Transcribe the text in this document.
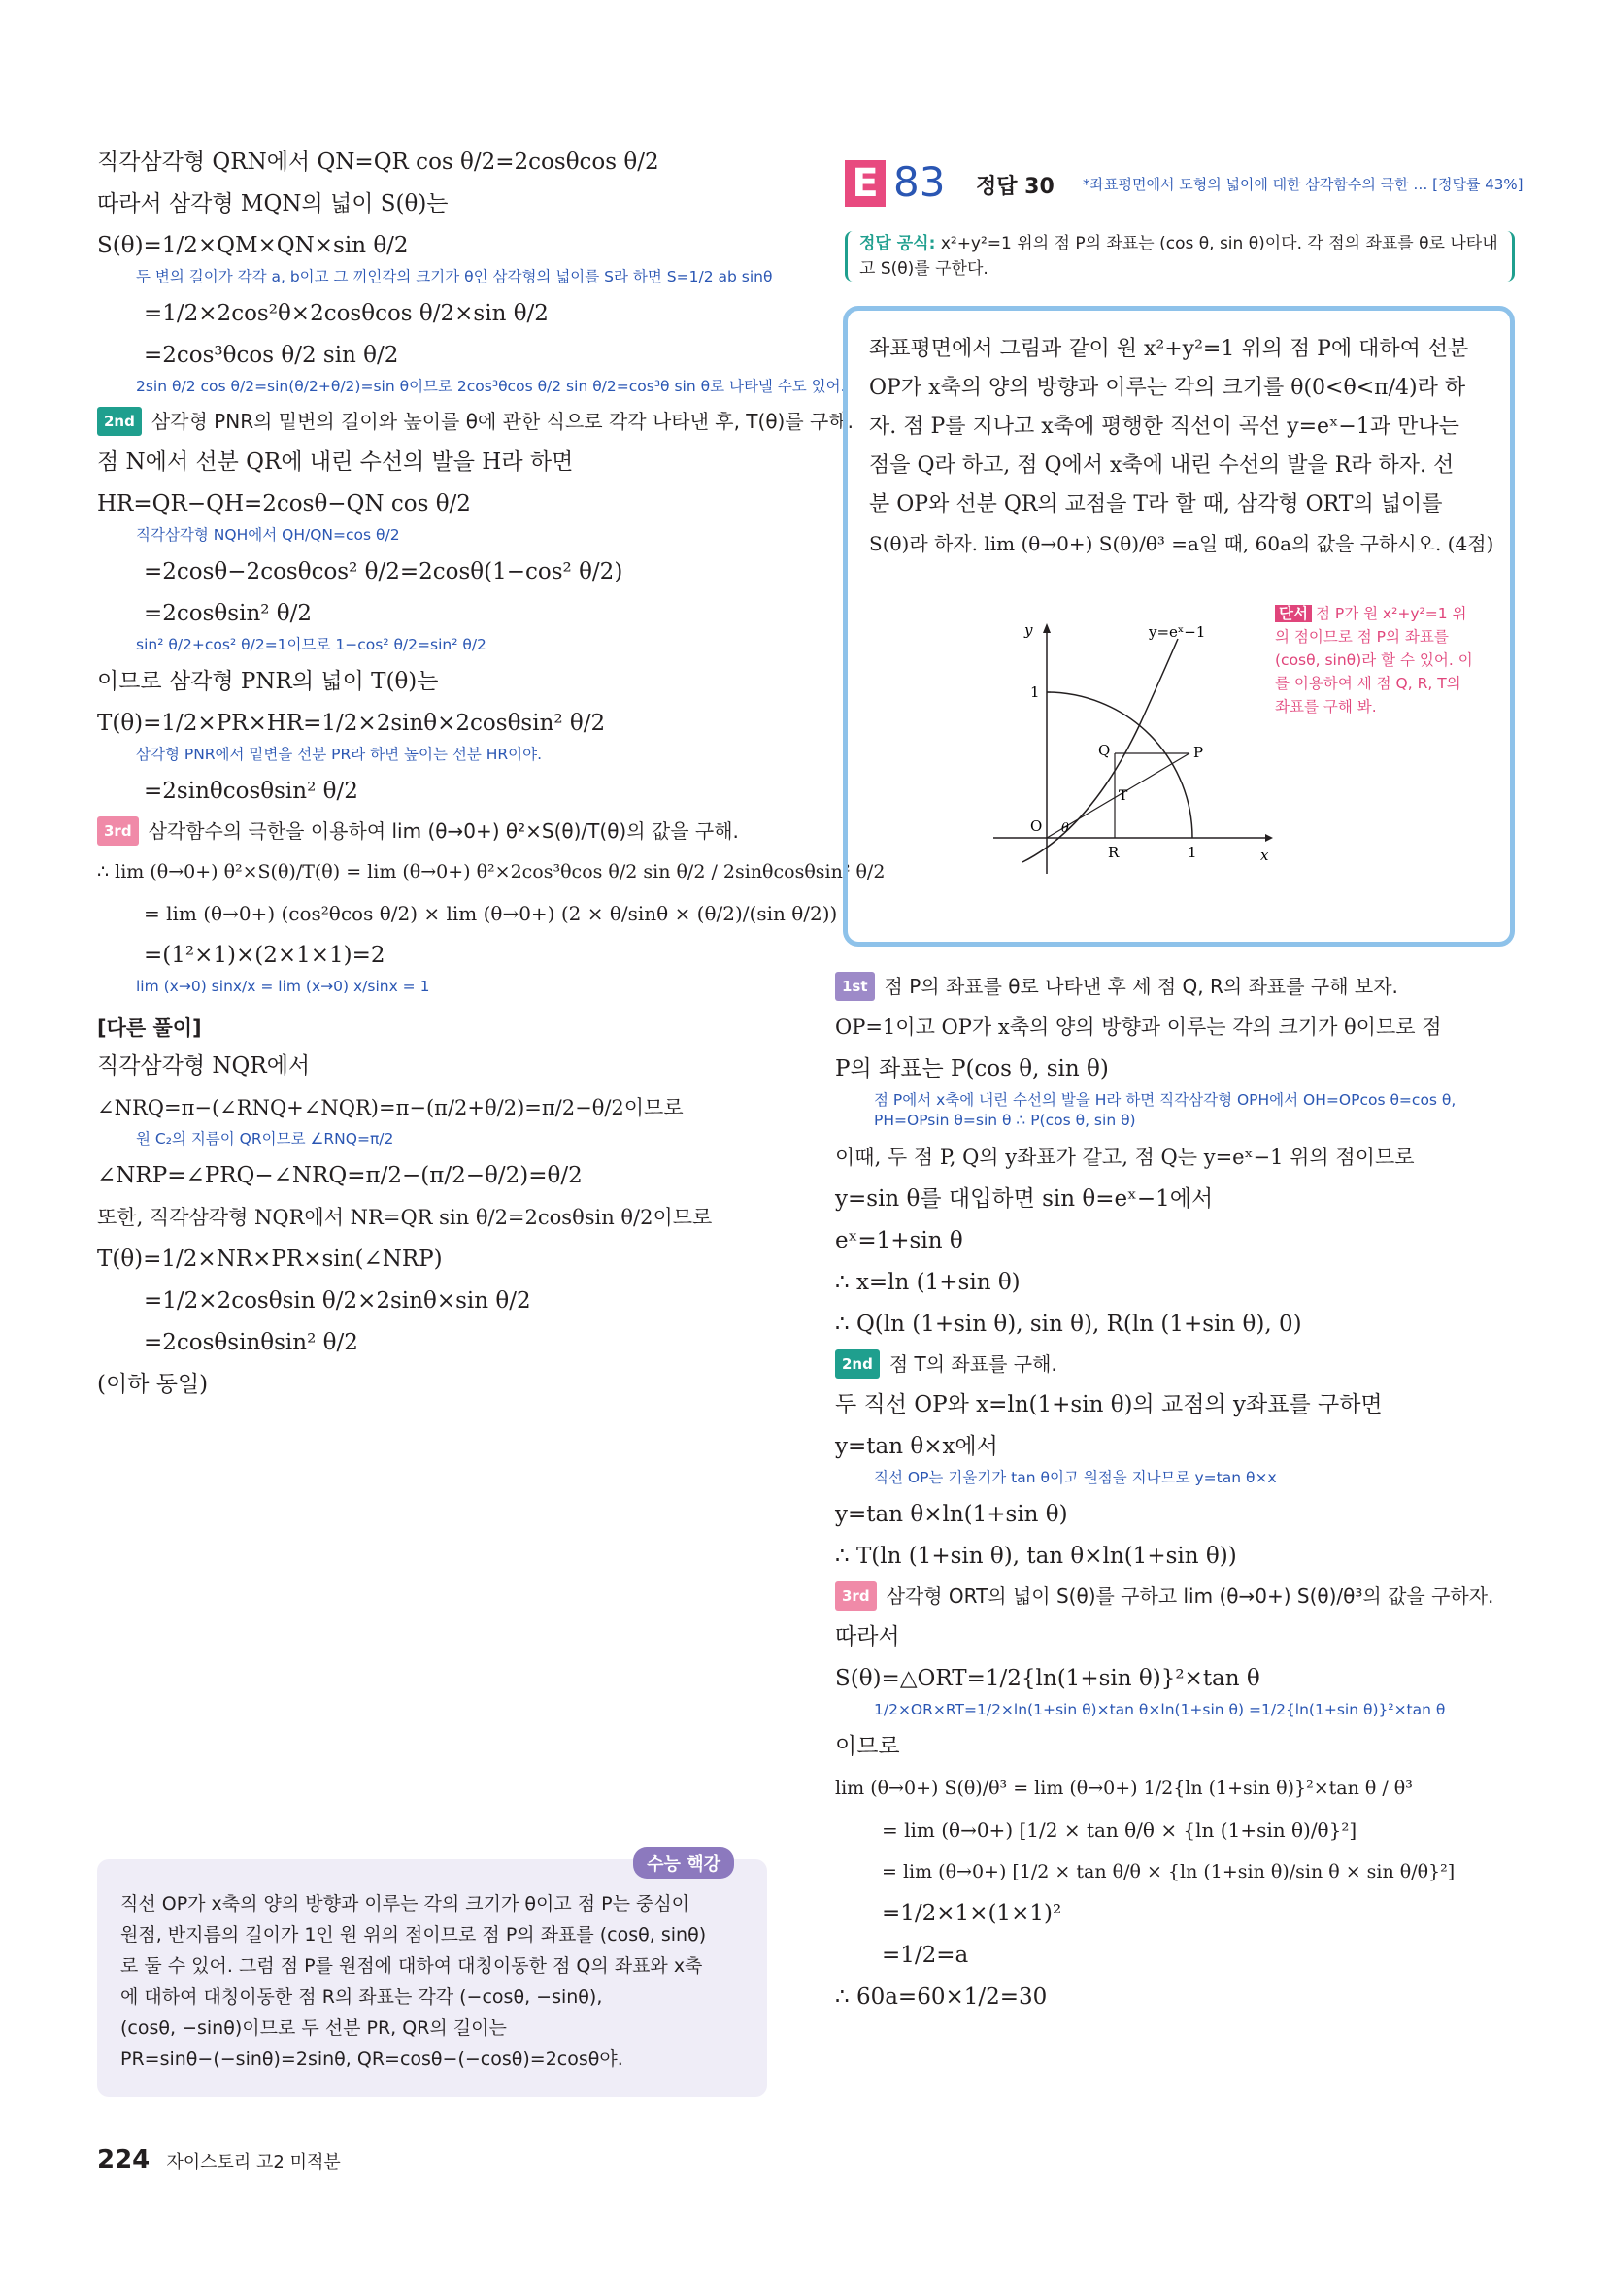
직각삼각형 QRN에서 QN=QR cos θ/2=2cosθcos θ/2

따라서 삼각형 MQN의 넓이 S(θ)는

S(θ)=1/2×QM×QN×sin θ/2

두 변의 길이가 각각 a, b이고 그 끼인각의 크기가 θ인 삼각형의 넓이를 S라 하면 S=1/2 ab sinθ

=1/2×2cos²θ×2cosθcos θ/2×sin θ/2

=2cos³θcos θ/2 sin θ/2

2sin θ/2 cos θ/2=sin(θ/2+θ/2)=sin θ이므로 2cos³θcos θ/2 sin θ/2=cos³θ sin θ로 나타낼 수도 있어.

2nd 삼각형 PNR의 밑변의 길이와 높이를 θ에 관한 식으로 각각 나타낸 후, T(θ)를 구해.

점 N에서 선분 QR에 내린 수선의 발을 H라 하면

HR=QR−QH=2cosθ−QN cos θ/2

직각삼각형 NQH에서 QH/QN=cos θ/2

=2cosθ−2cosθcos² θ/2=2cosθ(1−cos² θ/2)

=2cosθsin² θ/2

sin² θ/2+cos² θ/2=1이므로 1−cos² θ/2=sin² θ/2

이므로 삼각형 PNR의 넓이 T(θ)는

T(θ)=1/2×PR×HR=1/2×2sinθ×2cosθsin² θ/2

삼각형 PNR에서 밑변을 선분 PR라 하면 높이는 선분 HR이야.

=2sinθcosθsin² θ/2

3rd 삼각함수의 극한을 이용하여 lim (θ→0+) θ²×S(θ)/T(θ)의 값을 구해.

∴ lim (θ→0+) θ²×S(θ)/T(θ) = lim (θ→0+) θ²×2cos³θcos θ/2 sin θ/2 / 2sinθcosθsin² θ/2

= lim (θ→0+) (cos²θcos θ/2) × lim (θ→0+) (2 × θ/sinθ × (θ/2)/(sin θ/2))

=(1²×1)×(2×1×1)=2

lim (x→0) sinx/x = lim (x→0) x/sinx = 1

[다른 풀이]

직각삼각형 NQR에서

∠NRQ=π−(∠RNQ+∠NQR)=π−(π/2+θ/2)=π/2−θ/2이므로

원 C₂의 지름이 QR이므로 ∠RNQ=π/2

∠NRP=∠PRQ−∠NRQ=π/2−(π/2−θ/2)=θ/2

또한, 직각삼각형 NQR에서 NR=QR sin θ/2=2cosθsin θ/2이므로

T(θ)=1/2×NR×PR×sin(∠NRP)

=1/2×2cosθsin θ/2×2sinθ×sin θ/2

=2cosθsinθsin² θ/2

(이하 동일)

수능 핵강

직선 OP가 x축의 양의 방향과 이루는 각의 크기가 θ이고 점 P는 중심이

원점, 반지름의 길이가 1인 원 위의 점이므로 점 P의 좌표를 (cosθ, sinθ)

로 둘 수 있어. 그럼 점 P를 원점에 대하여 대칭이동한 점 Q의 좌표와 x축

에 대하여 대칭이동한 점 R의 좌표는 각각 (−cosθ, −sinθ),

(cosθ, −sinθ)이므로 두 선분 PR, QR의 길이는

PR=sinθ−(−sinθ)=2sinθ, QR=cosθ−(−cosθ)=2cosθ야.

E 83 정답 30 *좌표평면에서 도형의 넓이에 대한 삼각함수의 극한 … [정답률 43%]
정답 공식: x²+y²=1 위의 점 P의 좌표는 (cos θ, sin θ)이다. 각 점의 좌표를 θ로 나타내고 S(θ)를 구한다.

좌표평면에서 그림과 같이 원 x²+y²=1 위의 점 P에 대하여 선분

OP가 x축의 양의 방향과 이루는 각의 크기를 θ(0<θ<π/4)라 하

자. 점 P를 지나고 x축에 평행한 직선이 곡선 y=eˣ−1과 만나는

점을 Q라 하고, 점 Q에서 x축에 내린 수선의 발을 R라 하자. 선

분 OP와 선분 QR의 교점을 T라 할 때, 삼각형 ORT의 넓이를

S(θ)라 하자. lim (θ→0+) S(θ)/θ³ =a일 때, 60a의 값을 구하시오. (4점)

y
x
O
1
1
Q	P
T
R
θ
y=eˣ−1
단서 점 P가 원 x²+y²=1 위의 점이므로 점 P의 좌표를 (cosθ, sinθ)라 할 수 있어. 이를 이용하여 세 점 Q, R, T의 좌표를 구해 봐.

1st 점 P의 좌표를 θ로 나타낸 후 세 점 Q, R의 좌표를 구해 보자.

OP=1이고 OP가 x축의 양의 방향과 이루는 각의 크기가 θ이므로 점

P의 좌표는 P(cos θ, sin θ)

점 P에서 x축에 내린 수선의 발을 H라 하면 직각삼각형 OPH에서 OH=OPcos θ=cos θ, PH=OPsin θ=sin θ ∴ P(cos θ, sin θ)

이때, 두 점 P, Q의 y좌표가 같고, 점 Q는 y=eˣ−1 위의 점이므로

y=sin θ를 대입하면 sin θ=eˣ−1에서

eˣ=1+sin θ

∴ x=ln (1+sin θ)

∴ Q(ln (1+sin θ), sin θ), R(ln (1+sin θ), 0)

2nd 점 T의 좌표를 구해.

두 직선 OP와 x=ln(1+sin θ)의 교점의 y좌표를 구하면

y=tan θ×x에서

직선 OP는 기울기가 tan θ이고 원점을 지나므로 y=tan θ×x

y=tan θ×ln(1+sin θ)

∴ T(ln (1+sin θ), tan θ×ln(1+sin θ))

3rd 삼각형 ORT의 넓이 S(θ)를 구하고 lim (θ→0+) S(θ)/θ³의 값을 구하자.

따라서

S(θ)=△ORT=1/2{ln(1+sin θ)}²×tan θ

1/2×OR×RT=1/2×ln(1+sin θ)×tan θ×ln(1+sin θ) =1/2{ln(1+sin θ)}²×tan θ

이므로

lim (θ→0+) S(θ)/θ³ = lim (θ→0+) 1/2{ln (1+sin θ)}²×tan θ / θ³

= lim (θ→0+) [1/2 × tan θ/θ × {ln (1+sin θ)/θ}²]

= lim (θ→0+) [1/2 × tan θ/θ × {ln (1+sin θ)/sin θ × sin θ/θ}²]

=1/2×1×(1×1)²

=1/2=a

∴ 60a=60×1/2=30

224 자이스토리 고2 미적분
